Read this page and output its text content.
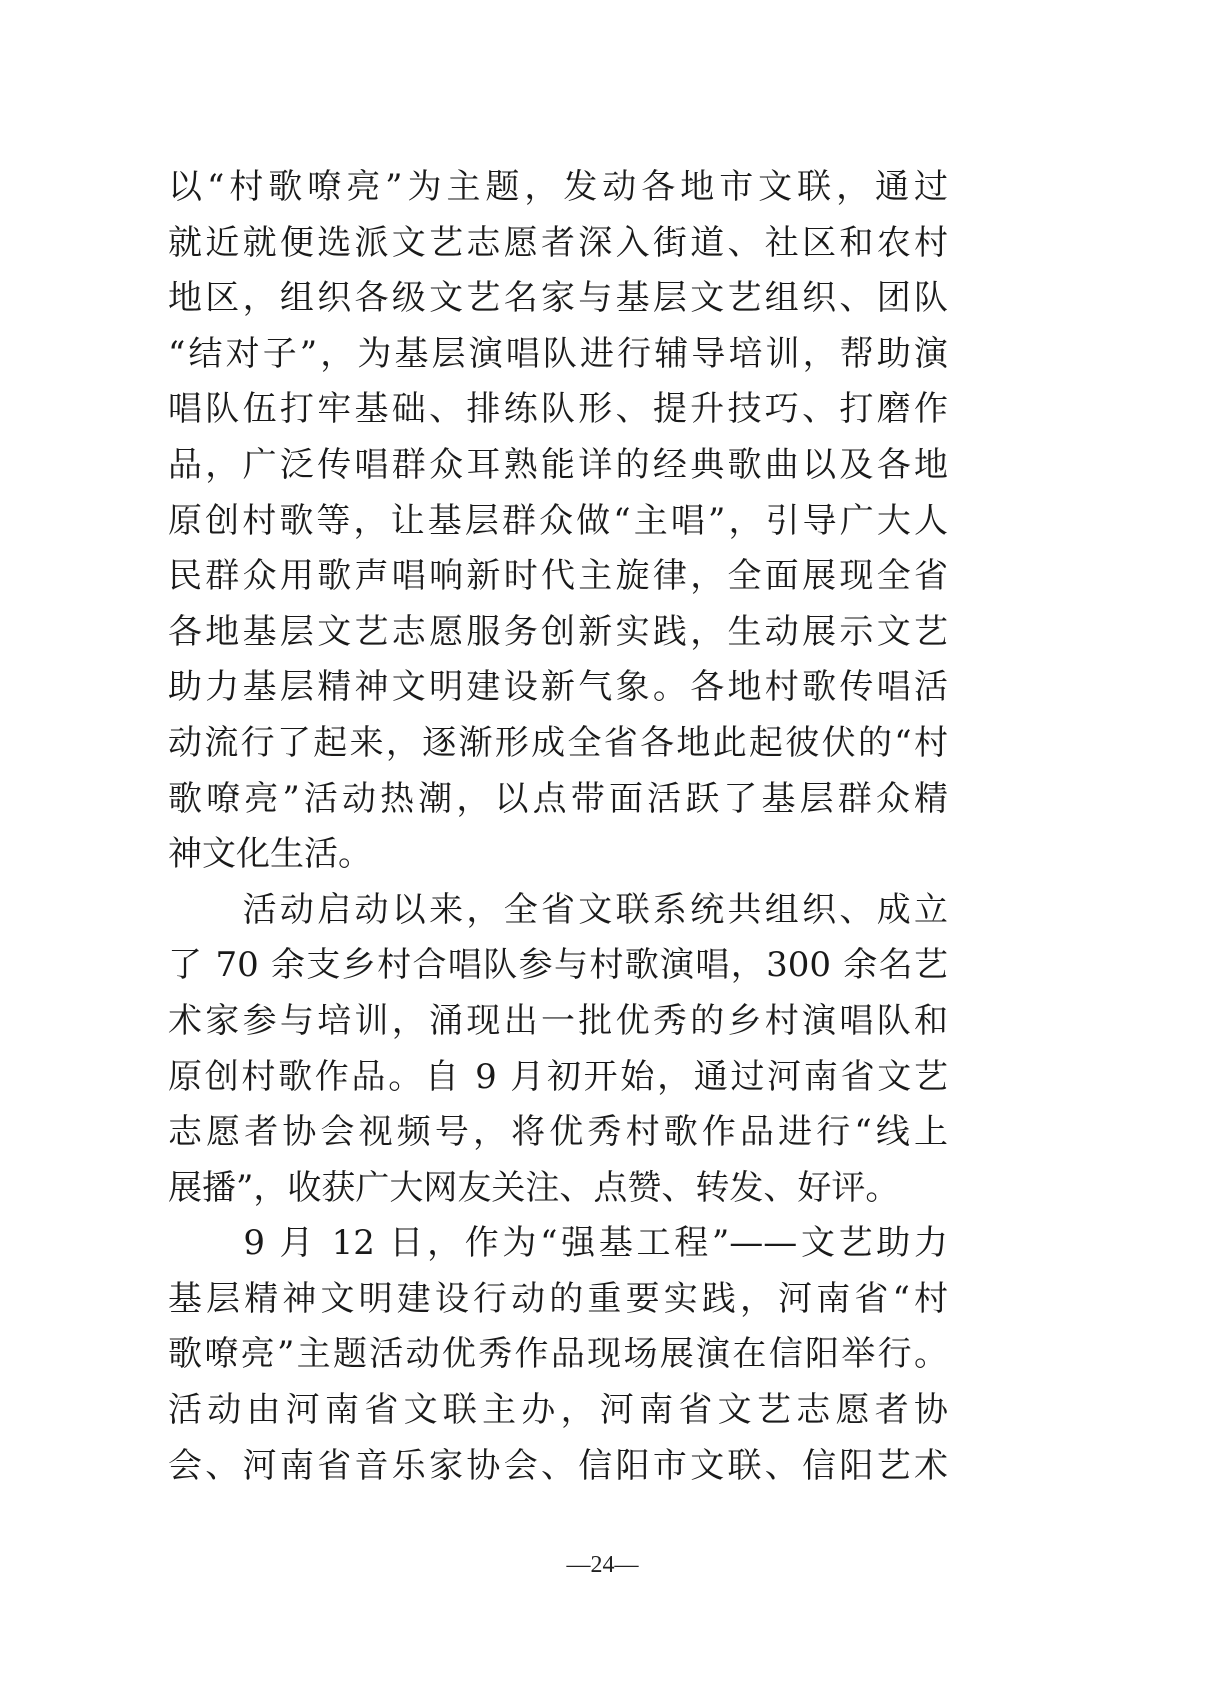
以“村歌嘹亮”为主题，发动各地市文联，通过
就近就便选派文艺志愿者深入街道、社区和农村
地区，组织各级文艺名家与基层文艺组织、团队
“结对子”，为基层演唱队进行辅导培训，帮助演
唱队伍打牢基础、排练队形、提升技巧、打磨作
品，广泛传唱群众耳熟能详的经典歌曲以及各地
原创村歌等，让基层群众做“主唱”，引导广大人
民群众用歌声唱响新时代主旋律，全面展现全省
各地基层文艺志愿服务创新实践，生动展示文艺
助力基层精神文明建设新气象。各地村歌传唱活
动流行了起来，逐渐形成全省各地此起彼伏的“村
歌嘹亮”活动热潮，以点带面活跃了基层群众精
神文化生活。
　　活动启动以来，全省文联系统共组织、成立
了 70 余支乡村合唱队参与村歌演唱，300 余名艺
术家参与培训，涌现出一批优秀的乡村演唱队和
原创村歌作品。自 9 月初开始，通过河南省文艺
志愿者协会视频号，将优秀村歌作品进行“线上
展播”，收获广大网友关注、点赞、转发、好评。
　　9 月 12 日，作为“强基工程”——文艺助力
基层精神文明建设行动的重要实践，河南省“村
歌嘹亮”主题活动优秀作品现场展演在信阳举行。
活动由河南省文联主办，河南省文艺志愿者协
会、河南省音乐家协会、信阳市文联、信阳艺术
—24—
